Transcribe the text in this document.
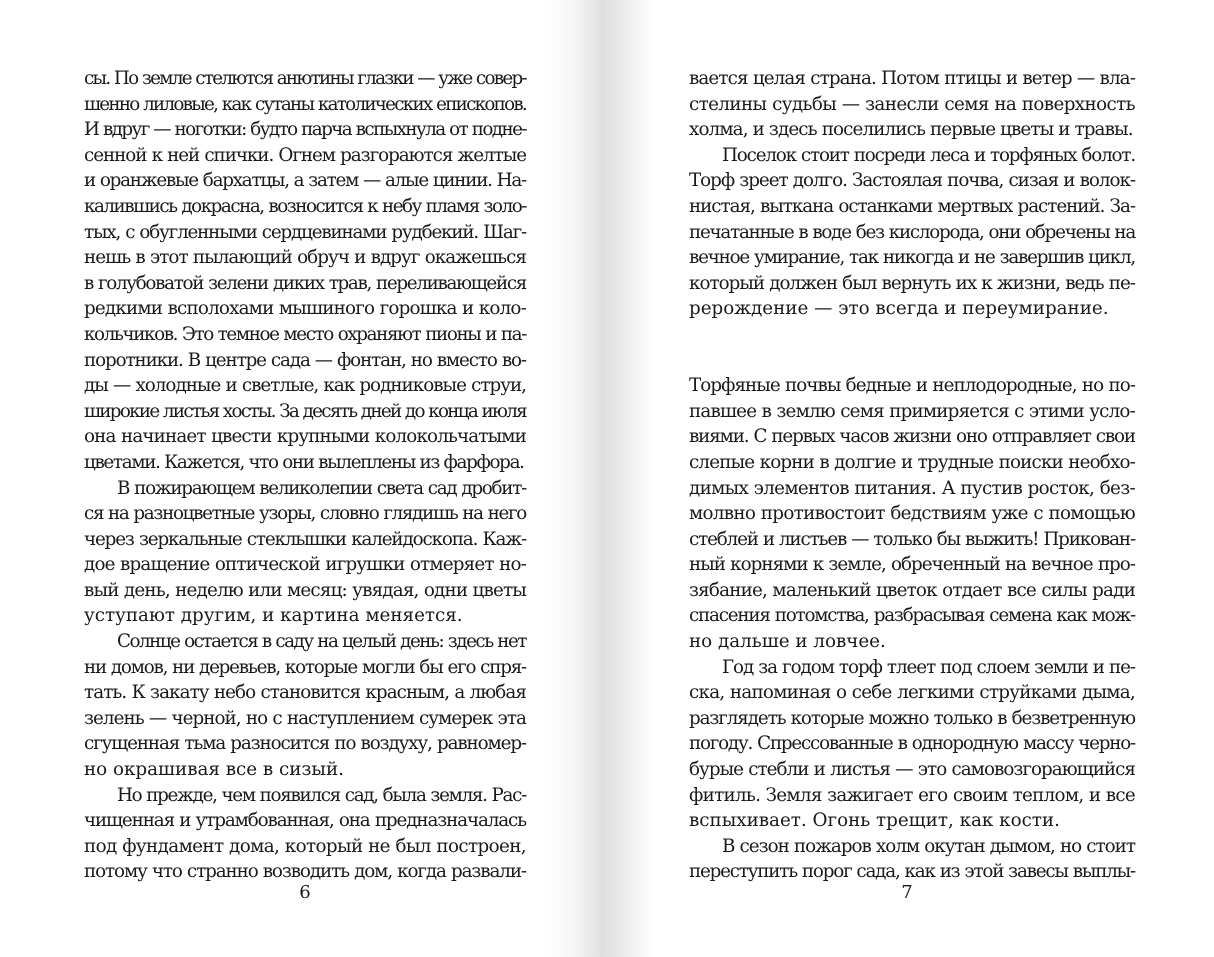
сы. По земле стелются анютины глазки — уже совер-
шенно лиловые, как сутаны католических епископов.
И вдруг — ноготки: будто парча вспыхнула от подне-
сенной к ней спички. Огнем разгораются желтые
и оранжевые бархатцы, а затем — алые цинии. На-
калившись докрасна, возносится к небу пламя золо-
тых, с обугленными сердцевинами рудбекий. Шаг-
нешь в этот пылающий обруч и вдруг окажешься
в голубоватой зелени диких трав, переливающейся
редкими всполохами мышиного горошка и коло-
кольчиков. Это темное место охраняют пионы и па-
поротники. В центре сада — фонтан, но вместо во-
ды — холодные и светлые, как родниковые струи,
широкие листья хосты. За десять дней до конца июля
она начинает цвести крупными колокольчатыми
цветами. Кажется, что они вылеплены из фарфора.
В пожирающем великолепии света сад дробит-
ся на разноцветные узоры, словно глядишь на него
через зеркальные стеклышки калейдоскопа. Каж-
дое вращение оптической игрушки отмеряет но-
вый день, неделю или месяц: увядая, одни цветы
уступают другим, и картина меняется.
Солнце остается в саду на целый день: здесь нет
ни домов, ни деревьев, которые могли бы его спря-
тать. К закату небо становится красным, а любая
зелень — черной, но с наступлением сумерек эта
сгущенная тьма разносится по воздуху, равномер-
но окрашивая все в сизый.
Но прежде, чем появился сад, была земля. Рас-
чищенная и утрамбованная, она предназначалась
под фундамент дома, который не был построен,
потому что странно возводить дом, когда развали-
6
вается целая страна. Потом птицы и ветер — вла-
стелины судьбы — занесли семя на поверхность
холма, и здесь поселились первые цветы и травы.
Поселок стоит посреди леса и торфяных болот.
Торф зреет долго. Застоялая почва, сизая и волок-
нистая, выткана останками мертвых растений. За-
печатанные в воде без кислорода, они обречены на
вечное умирание, так никогда и не завершив цикл,
который должен был вернуть их к жизни, ведь пе-
рерождение — это всегда и переумирание.
Торфяные почвы бедные и неплодородные, но по-
павшее в землю семя примиряется с этими усло-
виями. С первых часов жизни оно отправляет свои
слепые корни в долгие и трудные поиски необхо-
димых элементов питания. А пустив росток, без-
молвно противостоит бедствиям уже с помощью
стеблей и листьев — только бы выжить! Прикован-
ный корнями к земле, обреченный на вечное про-
зябание, маленький цветок отдает все силы ради
спасения потомства, разбрасывая семена как мож-
но дальше и ловчее.
Год за годом торф тлеет под слоем земли и пе-
ска, напоминая о себе легкими струйками дыма,
разглядеть которые можно только в безветренную
погоду. Спрессованные в однородную массу черно-
бурые стебли и листья — это самовозгорающийся
фитиль. Земля зажигает его своим теплом, и все
вспыхивает. Огонь трещит, как кости.
В сезон пожаров холм окутан дымом, но стоит
переступить порог сада, как из этой завесы выплы-
7
